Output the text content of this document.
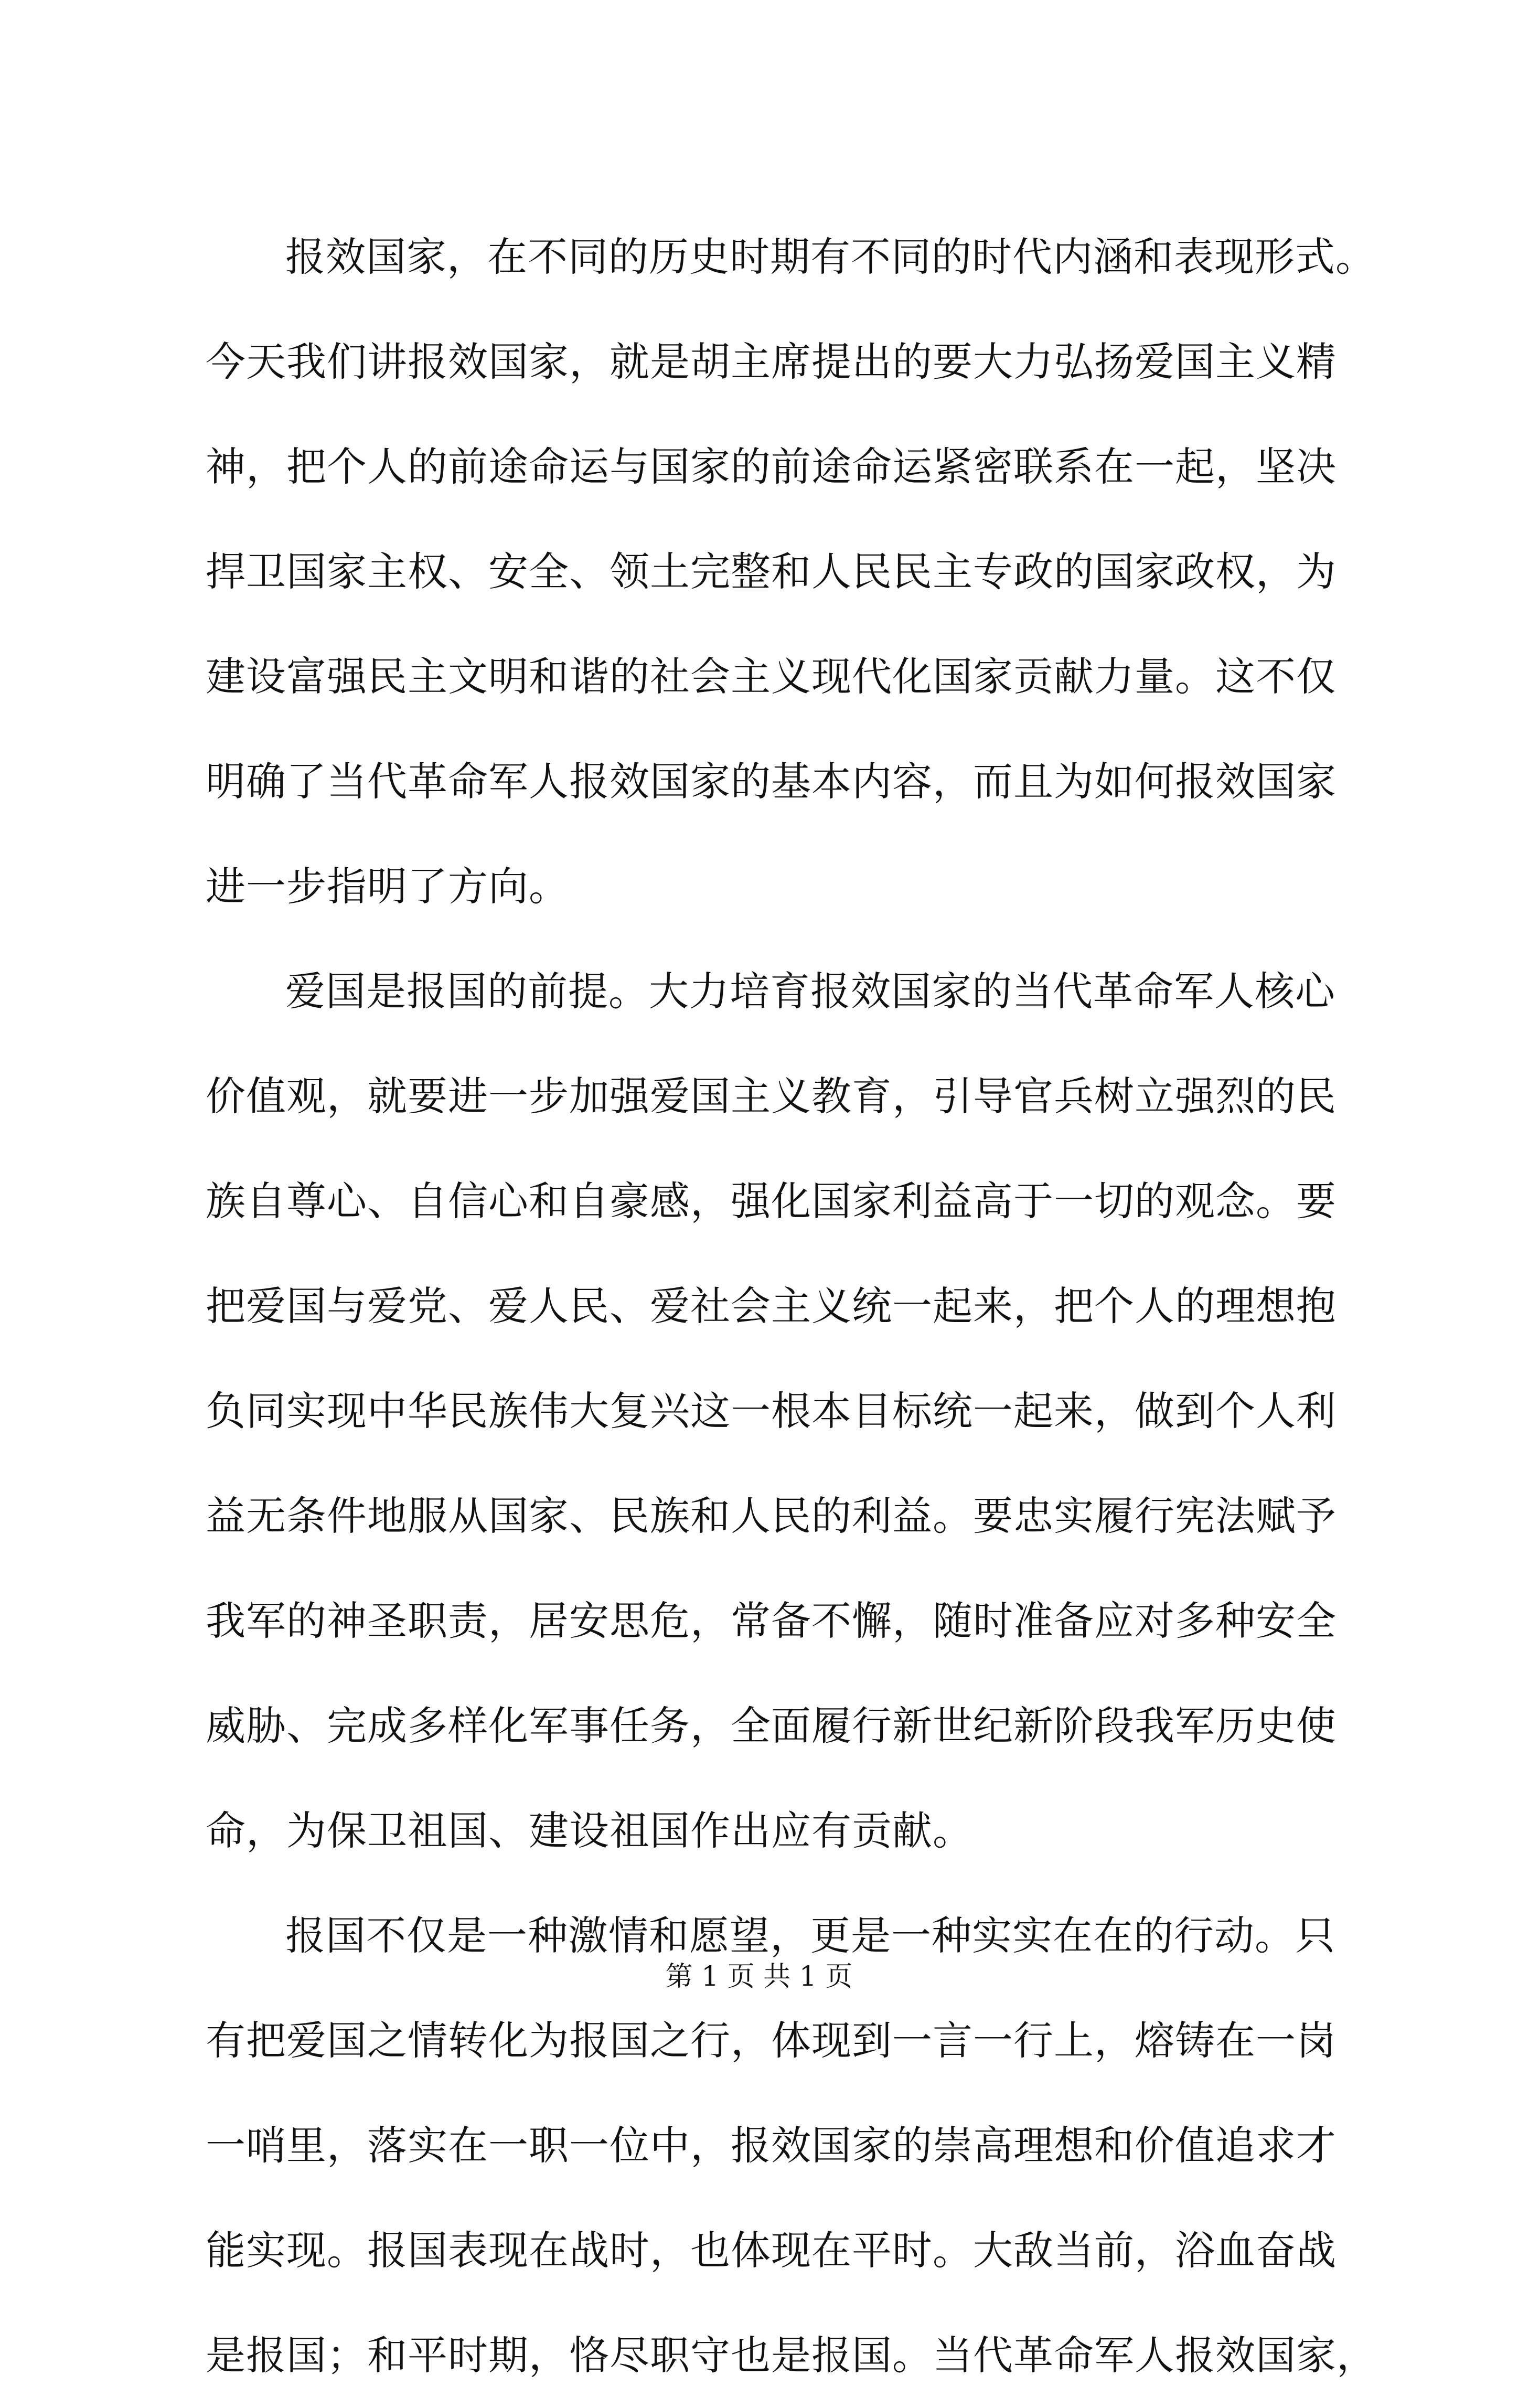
报效国家，在不同的历史时期有不同的时代内涵和表现形式。
今天我们讲报效国家，就是胡主席提出的要大力弘扬爱国主义精
神，把个人的前途命运与国家的前途命运紧密联系在一起，坚决
捍卫国家主权、安全、领土完整和人民民主专政的国家政权，为
建设富强民主文明和谐的社会主义现代化国家贡献力量。这不仅
明确了当代革命军人报效国家的基本内容，而且为如何报效国家
进一步指明了方向。
爱国是报国的前提。大力培育报效国家的当代革命军人核心
价值观，就要进一步加强爱国主义教育，引导官兵树立强烈的民
族自尊心、自信心和自豪感，强化国家利益高于一切的观念。要
把爱国与爱党、爱人民、爱社会主义统一起来，把个人的理想抱
负同实现中华民族伟大复兴这一根本目标统一起来，做到个人利
益无条件地服从国家、民族和人民的利益。要忠实履行宪法赋予
我军的神圣职责，居安思危，常备不懈，随时准备应对多种安全
威胁、完成多样化军事任务，全面履行新世纪新阶段我军历史使
命，为保卫祖国、建设祖国作出应有贡献。
报国不仅是一种激情和愿望，更是一种实实在在的行动。只
有把爱国之情转化为报国之行，体现到一言一行上，熔铸在一岗
一哨里，落实在一职一位中，报效国家的崇高理想和价值追求才
能实现。报国表现在战时，也体现在平时。大敌当前，浴血奋战
是报国；和平时期，恪尽职守也是报国。当代革命军人报效国家，
第 1 页 共 1 页
